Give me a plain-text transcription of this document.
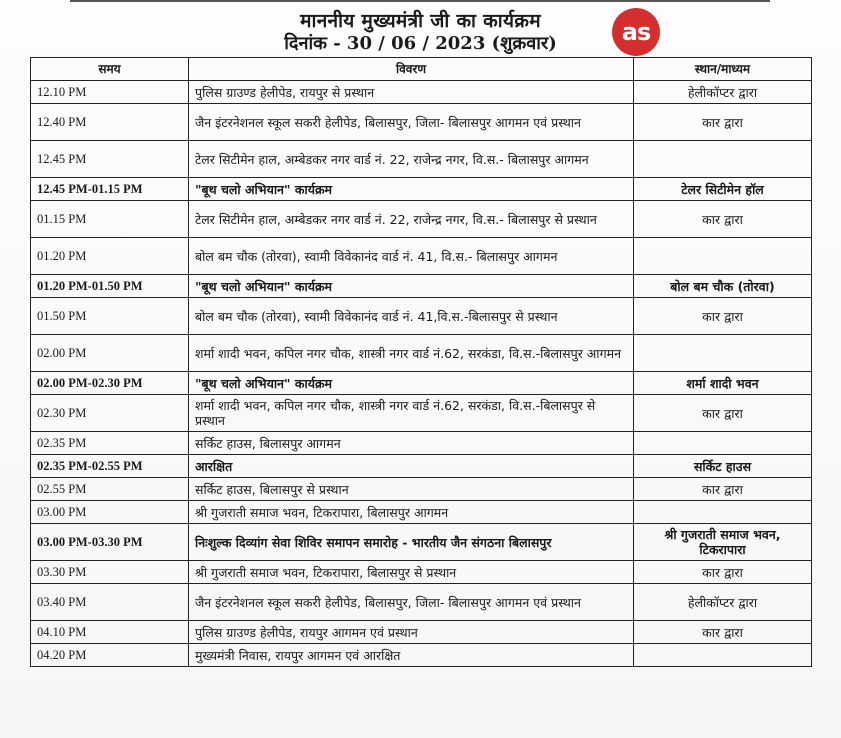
माननीय मुख्यमंत्री जी का कार्यक्रम
दिनांक - 30 / 06 / 2023 (शुक्रवार)	as
समय	विवरण	स्थान/माध्यम
12.10 PM	पुलिस ग्राउण्ड हेलीपेड, रायपुर से प्रस्थान	हेलीकॉप्टर द्वारा
12.40 PM	जैन इंटरनेशनल स्कूल सकरी हेलीपेड, बिलासपुर, जिला- बिलासपुर आगमन एवं प्रस्थान	कार द्वारा
12.45 PM	टेलर सिटीमेन हाल, अम्बेडकर नगर वार्ड नं. 22, राजेन्द्र नगर, वि.स.- बिलासपुर आगमन	
12.45 PM-01.15 PM	"बूथ चलो अभियान" कार्यक्रम	टेलर सिटीमेन हॉल
01.15 PM	टेलर सिटीमेन हाल, अम्बेडकर नगर वार्ड नं. 22, राजेन्द्र नगर, वि.स.- बिलासपुर से प्रस्थान	कार द्वारा
01.20 PM	बोल बम चौक (तोरवा), स्वामी विवेकानंद वार्ड नं. 41, वि.स.- बिलासपुर आगमन	
01.20 PM-01.50 PM	"बूथ चलो अभियान" कार्यक्रम	बोल बम चौक (तोरवा)
01.50 PM	बोल बम चौक (तोरवा), स्वामी विवेकानंद वार्ड नं. 41,वि.स.-बिलासपुर से प्रस्थान	कार द्वारा
02.00 PM	शर्मा शादी भवन, कपिल नगर चौक, शास्त्री नगर वार्ड नं.62, सरकंडा, वि.स.-बिलासपुर आगमन	
02.00 PM-02.30 PM	"बूथ चलो अभियान" कार्यक्रम	शर्मा शादी भवन
02.30 PM	शर्मा शादी भवन, कपिल नगर चौक, शास्त्री नगर वार्ड नं.62, सरकंडा, वि.स.-बिलासपुर से प्रस्थान	कार द्वारा
02.35 PM	सर्किट हाउस, बिलासपुर आगमन	
02.35 PM-02.55 PM	आरक्षित	सर्किट हाउस
02.55 PM	सर्किट हाउस, बिलासपुर से प्रस्थान	कार द्वारा
03.00 PM	श्री गुजराती समाज भवन, टिकरापारा, बिलासपुर आगमन	
03.00 PM-03.30 PM	निःशुल्क दिव्यांग सेवा शिविर समापन समारोह - भारतीय जैन संगठना बिलासपुर	श्री गुजराती समाज भवन, टिकरापारा
03.30 PM	श्री गुजराती समाज भवन, टिकरापारा, बिलासपुर से प्रस्थान	कार द्वारा
03.40 PM	जैन इंटरनेशनल स्कूल सकरी हेलीपेड, बिलासपुर, जिला- बिलासपुर आगमन एवं प्रस्थान	हेलीकॉप्टर द्वारा
04.10 PM	पुलिस ग्राउण्ड हेलीपेड, रायपुर आगमन एवं प्रस्थान	कार द्वारा
04.20 PM	मुख्यमंत्री निवास, रायपुर आगमन एवं आरक्षित	
